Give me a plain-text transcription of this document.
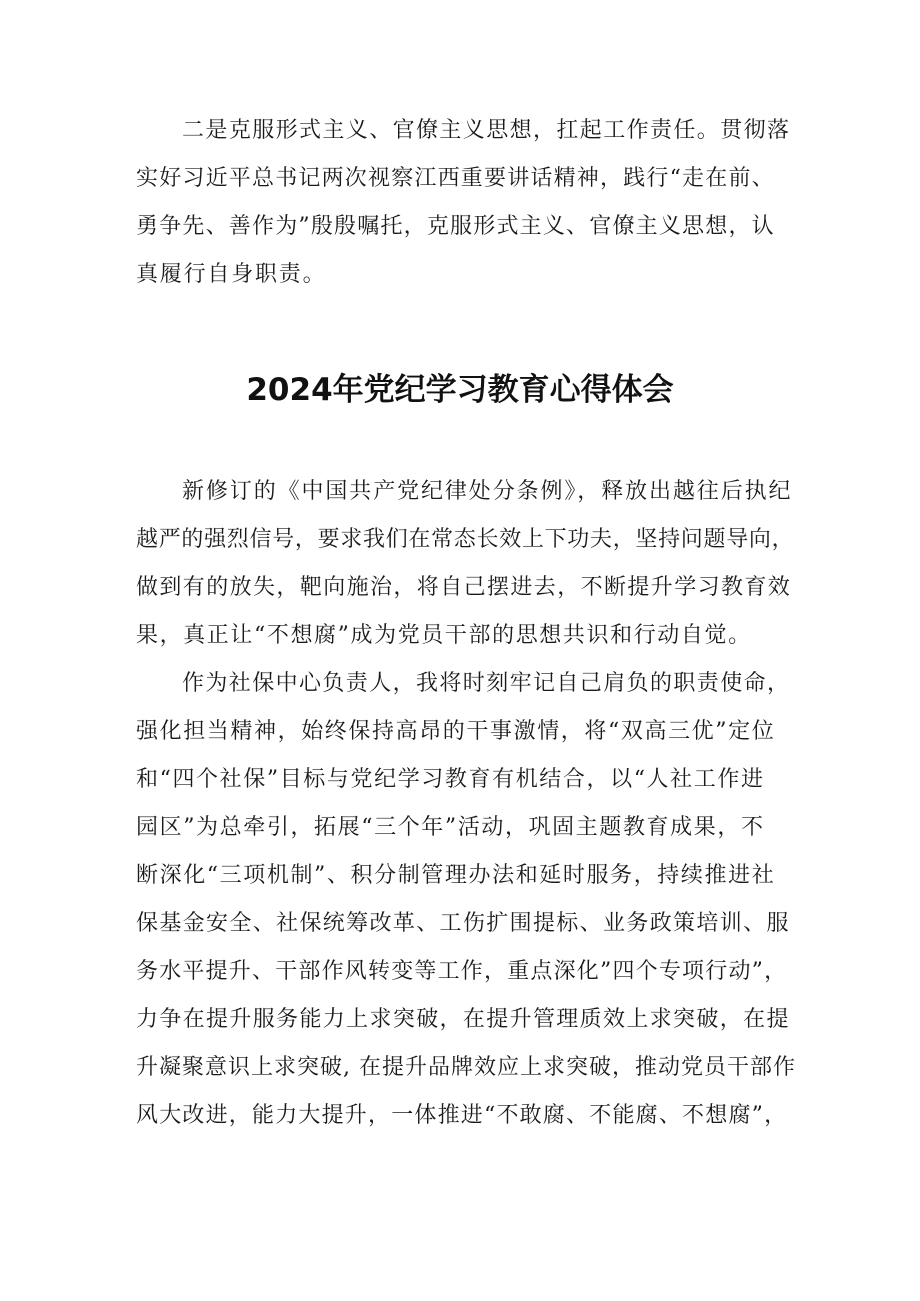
二是克服形式主义、官僚主义思想，扛起工作责任。贯彻落
实好习近平总书记两次视察江西重要讲话精神，践行“走在前、
勇争先、善作为”殷殷嘱托，克服形式主义、官僚主义思想，认
真履行自身职责。
2024年党纪学习教育心得体会
新修订的《中国共产党纪律处分条例》，释放出越往后执纪
越严的强烈信号，要求我们在常态长效上下功夫，坚持问题导向，
做到有的放失，靶向施治，将自己摆进去，不断提升学习教育效
果，真正让“不想腐”成为党员干部的思想共识和行动自觉。
作为社保中心负责人，我将时刻牢记自己肩负的职责使命，
强化担当精神，始终保持高昂的干事激情，将“双高三优”定位
和“四个社保”目标与党纪学习教育有机结合，以“人社工作进
园区”为总牵引，拓展“三个年”活动，巩固主题教育成果，不
断深化“三项机制”、积分制管理办法和延时服务，持续推进社
保基金安全、社保统筹改革、工伤扩围提标、业务政策培训、服
务水平提升、干部作风转变等工作，重点深化”四个专项行动”，
力争在提升服务能力上求突破，在提升管理质效上求突破，在提
升凝聚意识上求突破, 在提升品牌效应上求突破，推动党员干部作
风大改进，能力大提升，一体推进“不敢腐、不能腐、不想腐”，
